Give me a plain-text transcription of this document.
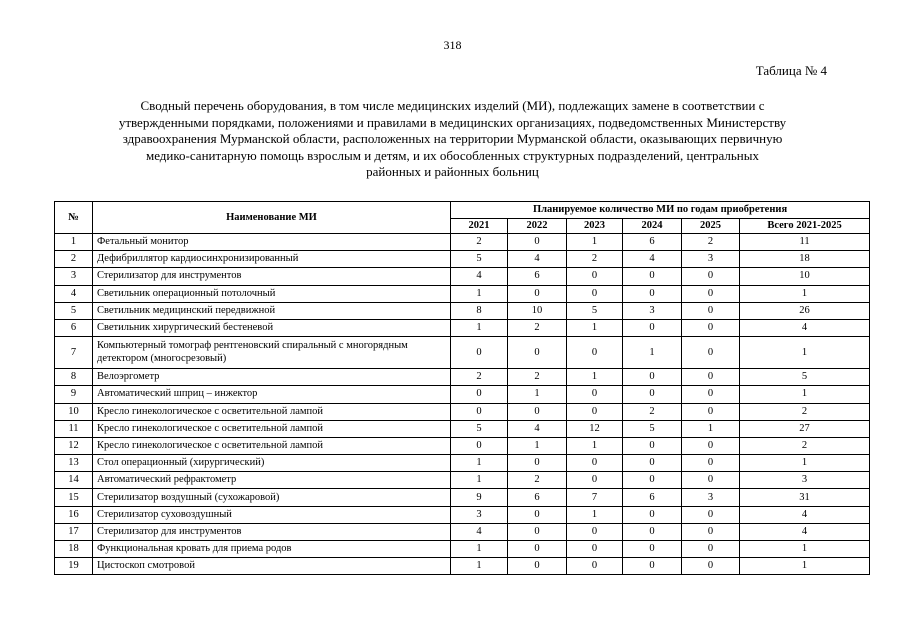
318
Таблица № 4
Сводный перечень оборудования, в том числе медицинских изделий (МИ), подлежащих замене в соответствии с
утвержденными порядками, положениями и правилами в медицинских организациях, подведомственных Министерству
здравоохранения Мурманской области, расположенных на территории Мурманской области, оказывающих первичную
медико-санитарную помощь взрослым и детям, и их обособленных структурных подразделений, центральных
районных и районных больниц
№	Наименование МИ	Планируемое количество МИ по годам приобретения					
		2021	2022	2023	2024	2025	Всего 2021-2025
1	Фетальный монитор	2	0	1	6	2	11
2	Дефибриллятор кардиосинхронизированный	5	4	2	4	3	18
3	Стерилизатор для инструментов	4	6	0	0	0	10
4	Светильник операционный потолочный	1	0	0	0	0	1
5	Светильник медицинский передвижной	8	10	5	3	0	26
6	Светильник хирургический бестеневой	1	2	1	0	0	4
7	Компьютерный томограф рентгеновский спиральный с многорядным детектором (многосрезовый)	0	0	0	1	0	1
8	Велоэргометр	2	2	1	0	0	5
9	Автоматический шприц – инжектор	0	1	0	0	0	1
10	Кресло гинекологическое с осветительной лампой	0	0	0	2	0	2
11	Кресло гинекологическое с осветительной лампой	5	4	12	5	1	27
12	Кресло гинекологическое с осветительной лампой	0	1	1	0	0	2
13	Стол операционный (хирургический)	1	0	0	0	0	1
14	Автоматический рефрактометр	1	2	0	0	0	3
15	Стерилизатор воздушный (сухожаровой)	9	6	7	6	3	31
16	Стерилизатор суховоздушный	3	0	1	0	0	4
17	Стерилизатор для инструментов	4	0	0	0	0	4
18	Функциональная кровать для приема родов	1	0	0	0	0	1
19	Цистоскоп смотровой	1	0	0	0	0	1
